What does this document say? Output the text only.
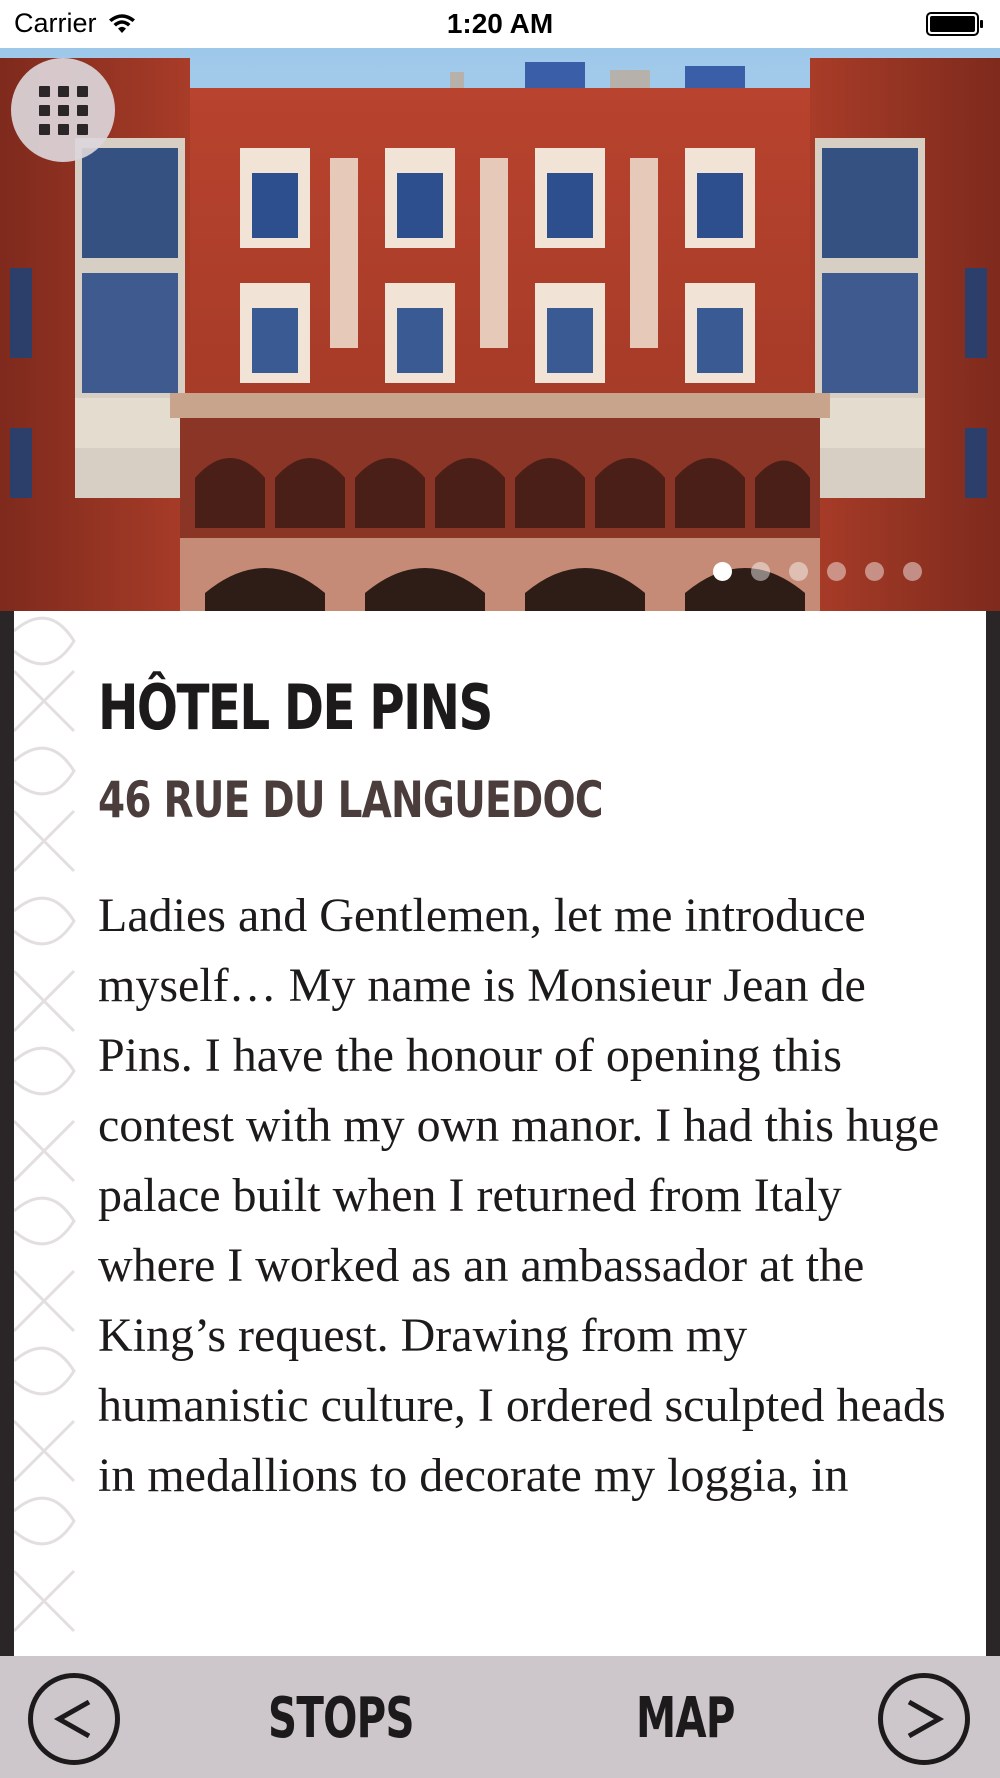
Carrier	1:20 AM
HÔTEL DE PINS
46 RUE DU LANGUEDOC

Ladies and Gentlemen, let me introduce myself… My name is Monsieur Jean de Pins. I have the honour of opening this contest with my own manor. I had this huge palace built when I returned from Italy where I worked as an ambassador at the King’s request. Drawing from my humanistic culture, I ordered sculpted heads in medallions to decorate my loggia, in

STOPS	MAP
